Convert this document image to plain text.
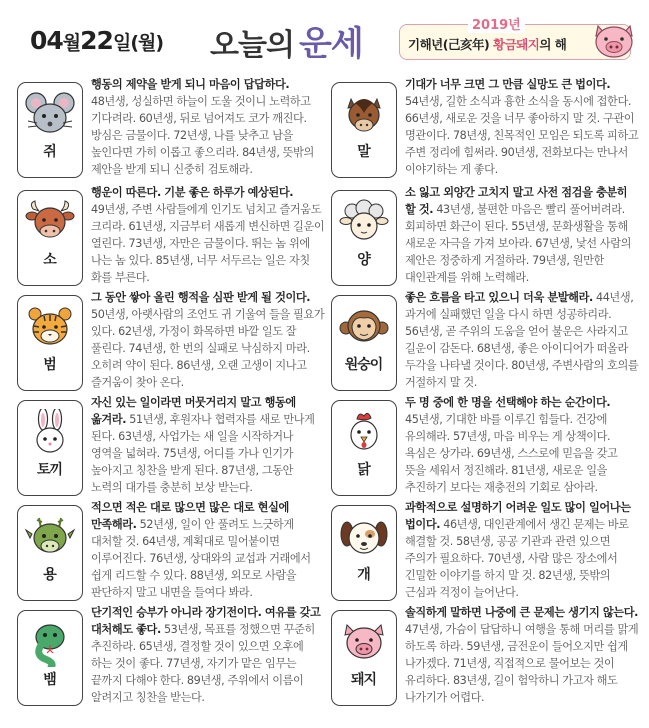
04월22일(월) 오늘의 운세	기해년(己亥年) 황금돼지의 해
2019년
쥐
행동의 제약을 받게 되니 마음이 답답하다. 48년생, 성실하면 하늘이 도울 것이니 노력하고 기다려라. 60년생, 뒤로 넘어져도 코가 깨진다. 방심은 금물이다. 72년생, 나를 낮추고 남을 높인다면 가히 이롭고 좋으리라. 84년생, 뜻밖의 제안을 받게 되니 신중히 검토해라.
말
기대가 너무 크면 그 만큼 실망도 큰 법이다. 54년생, 길한 소식과 흉한 소식을 동시에 접한다. 66년생, 새로운 것을 너무 좋아하지 말 것. 구관이 명관이다. 78년생, 친목적인 모임은 되도록 피하고 주변 정리에 힘써라. 90년생, 전화보다는 만나서 이야기하는 게 좋다.
소
행운이 따른다. 기분 좋은 하루가 예상된다. 49년생, 주변 사람들에게 인기도 넘치고 즐거움도 크리라. 61년생, 지금부터 새롭게 변신하면 길운이 열린다. 73년생, 자만은 금물이다. 뛰는 놈 위에 나는 놈 있다. 85년생, 너무 서두르는 일은 자칫 화를 부른다.
양
소 잃고 외양간 고치지 말고 사전 점검을 충분히 할 것. 43년생, 불편한 마음은 빨리 풀어버려라. 회피하면 화근이 된다. 55년생, 문화생활을 통해 새로운 자극을 가져 보아라. 67년생, 낯선 사람의 제안은 정중하게 거절하라. 79년생, 원만한 대인관계를 위해 노력해라.
범
그 동안 쌓아 올린 행적을 심판 받게 될 것이다. 50년생, 아랫사람의 조언도 귀 기울여 들을 필요가 있다. 62년생, 가정이 화목하면 바깥 일도 잘 풀린다. 74년생, 한 번의 실패로 낙심하지 마라. 오히려 약이 된다. 86년생, 오랜 고생이 지나고 즐거움이 찾아 온다.
원숭이
좋은 흐름을 타고 있으니 더욱 분발해라. 44년생, 과거에 실패했던 일을 다시 하면 성공하리라. 56년생, 곧 주위의 도움을 얻어 불운은 사라지고 길운이 감돈다. 68년생, 좋은 아이디어가 떠올라 두각을 나타낼 것이다. 80년생, 주변사람의 호의를 거절하지 말 것.
토끼
자신 있는 일이라면 머뭇거리지 말고 행동에 옮겨라. 51년생, 후원자나 협력자를 새로 만나게 된다. 63년생, 사업가는 새 일을 시작하거나 영역을 넓혀라. 75년생, 어디를 가나 인기가 높아지고 칭찬을 받게 된다. 87년생, 그동안 노력의 대가를 충분히 보상 받는다.
닭
두 명 중에 한 명을 선택해야 하는 순간이다. 45년생, 기대한 바를 이루긴 힘들다. 건강에 유의해라. 57년생, 마음 비우는 게 상책이다. 욕심은 상가라. 69년생, 스스로에 믿음을 갖고 뜻을 세워서 정진해라. 81년생, 새로운 일을 추진하기 보다는 재충전의 기회로 삼아라.
용
적으면 적은 대로 많으면 많은 대로 현실에 만족해라. 52년생, 일이 안 풀려도 느긋하게 대처할 것. 64년생, 계획대로 밀어붙이면 이루어진다. 76년생, 상대와의 교섭과 거래에서 쉽게 리드할 수 있다. 88년생, 외모로 사람을 판단하지 말고 내면을 들여다 봐라.
개
과학적으로 설명하기 어려운 일도 많이 일어나는 법이다. 46년생, 대인관계에서 생긴 문제는 바로 해결할 것. 58년생, 공공 기관과 관련 있으면 주의가 필요하다. 70년생, 사람 많은 장소에서 긴밀한 이야기를 하지 말 것. 82년생, 뜻밖의 근심과 걱정이 늘어난다.
뱀
단기적인 승부가 아니라 장기전이다. 여유를 갖고 대처해도 좋다. 53년생, 목표를 정했으면 꾸준히 추진하라. 65년생, 결정할 것이 있으면 오후에 하는 것이 좋다. 77년생, 자기가 맡은 임무는 끝까지 다해야 한다. 89년생, 주위에서 이름이 알려지고 칭찬을 받는다.
돼지
솔직하게 말하면 나중에 큰 문제는 생기지 않는다. 47년생, 가슴이 답답하니 여행을 통해 머리를 맑게 하도록 하라. 59년생, 금전운이 들어오지만 쉽게 나가겠다. 71년생, 직접적으로 물어보는 것이 유리하다. 83년생, 길이 험악하니 가고자 해도 나가기가 어렵다.
